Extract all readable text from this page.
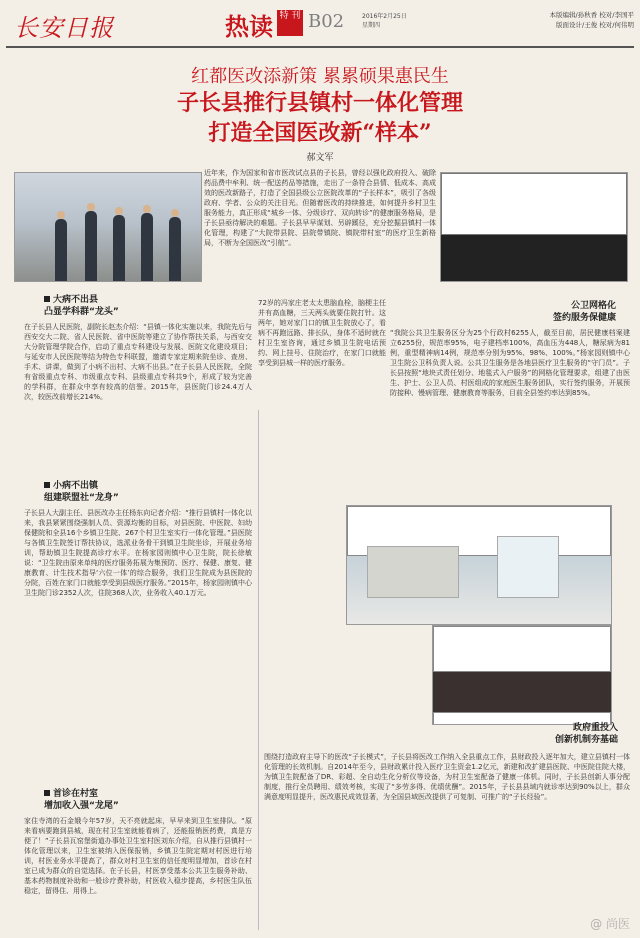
长安日报	热读 特 刊 B02	2016年2月25日
星期四
本版编辑/孙秋香 校对/李国平
版面设计/王俊 校对/何伟明
红都医改添新策 累累硕果惠民生
子长县推行县镇村一体化管理
打造全国医改新“样本”
郝文军
近年来，作为国家和省市医改试点县的子长县，曾经以强化政府投入、破除药品费中牟利、统一配送药品等措施，走出了一条符合县情、低成本、高成效的医改新路子，打造了全国县级公立医院改革的“子长样本”，吸引了各级政府、学者、公众的关注目光。但随着医改的持续推进，如何提升乡村卫生服务能力，真正形成“城乡一体、分级诊疗、双向转诊”的健康服务格局，是子长县亟待解决的难题。子长县早早谋划、另辟蹊径，充分挖掘县镇村一体化管理，构建了“大院带县院、县院带镇院、镇院带村室”的医疗卫生新格局，不断为全国医改“引航”。
72岁的冯家庄老太太患脑血栓，脑梗主任并有高血糖，三天两头就要住院打针。这两年，她对家门口的镇卫生院放心了，看病不再跑远路、排长队，身体不适时就在村卫生室咨询，通过乡镇卫生院电话预约、网上挂号、住院治疗，在家门口就能享受到县城一样的医疗服务。
大病不出县
凸显学科群“龙头”
在子长县人民医院，副院长赵杰介绍：“县镇一体化实施以来，我院先后与西安交大二院、省人民医院、省中医院等建立了协作帮扶关系，与西安交大分院管理学院合作，启动了重点专科建设与发展、医院文化建设项目；与延安市人民医院等结为特色专科联盟，邀请专家定期来院坐诊、查房、手术、讲课，做到了小病不出村、大病不出县。”在子长县人民医院，全院有省级重点专科、市级重点专科、县级重点专科共9个，形成了较为完善的学科群，在群众中享有较高的信誉。2015年，县医院门诊24.4万人次，较医改前增长214%。
小病不出镇
组建联盟社“龙身”
子长县人大副主任、县医改办主任杨东向记者介绍：“推行县镇村一体化以来，我县紧紧围绕强制人员、资源均衡的目标，对县医院、中医院、妇幼保健院和全县16个乡镇卫生院、267个村卫生室实行一体化管理。”县医院与各镇卫生院签订帮扶协议，选派业务骨干到镇卫生院坐诊，开展业务培训，帮助镇卫生院提高诊疗水平。在杨家园则镇中心卫生院，院长徐敏说：“卫生院由原来单纯的医疗服务拓展为集预防、医疗、保健、康复、健康教育、计生技术指导‘六位一体’的综合服务，我们卫生院成为县医院的分院，百姓在家门口就能享受到县级医疗服务。”2015年，杨家园则镇中心卫生院门诊2352人次，住院368人次，业务收入40.1万元。
首诊在村室
增加收入强“龙尾”
家住寺湾的石金娥今年57岁，天不亮就起床，早早来到卫生室排队。“原来看病要跑到县城，现在村卫生室就能看病了，还能报销医药费，真是方便了！”子长县瓦窑堡街道办事处卫生室村医刘东介绍，自从推行县镇村一体化管理以来，卫生室被纳入医保报销，乡镇卫生院定期对村医进行培训，村医业务水平提高了，群众对村卫生室的信任度明显增加，首诊在村室已成为群众的自觉选择。在子长县，村医享受基本公共卫生服务补助、基本药物制度补助和一般诊疗费补助，村医收入稳步提高，乡村医生队伍稳定，留得住、用得上。
公卫网格化
签约服务保健康
“我院公共卫生服务区分为25个行政村6255人，截至目前，居民健康档案建立6255份，规范率95%，电子建档率100%，高血压为448人，糖尿病为81例，重型精神病14例，规范率分别为95%、98%、100%。”杨家园则镇中心卫生院公卫科负责人说。公共卫生服务是各地县医疗卫生服务的“守门员”。子长县按照“地块式责任划分、地毯式入户服务”的网格化管理要求，组建了由医生、护士、公卫人员、村医组成的家庭医生服务团队，实行签约服务，开展预防接种、慢病管理、健康教育等服务，目前全县签约率达到85%。
政府重投入
创新机制夯基础
围绕打造政府主导下的医改“子长模式”，子长县将医改工作纳入全县重点工作，县财政投入逐年加大，建立县镇村一体化管理的长效机制。自2014年至今，县财政累计投入医疗卫生资金1.2亿元，新建和改扩建县医院、中医院住院大楼，为镇卫生院配备了DR、彩超、全自动生化分析仪等设备，为村卫生室配备了健康一体机。同时，子长县创新人事分配制度，推行全员聘用、绩效考核，实现了“多劳多得、优绩优酬”。2015年，子长县县域内就诊率达到90%以上，群众满意度明显提升，医改惠民成效显著，为全国县域医改提供了可复制、可推广的“子长经验”。
@ 尚医
